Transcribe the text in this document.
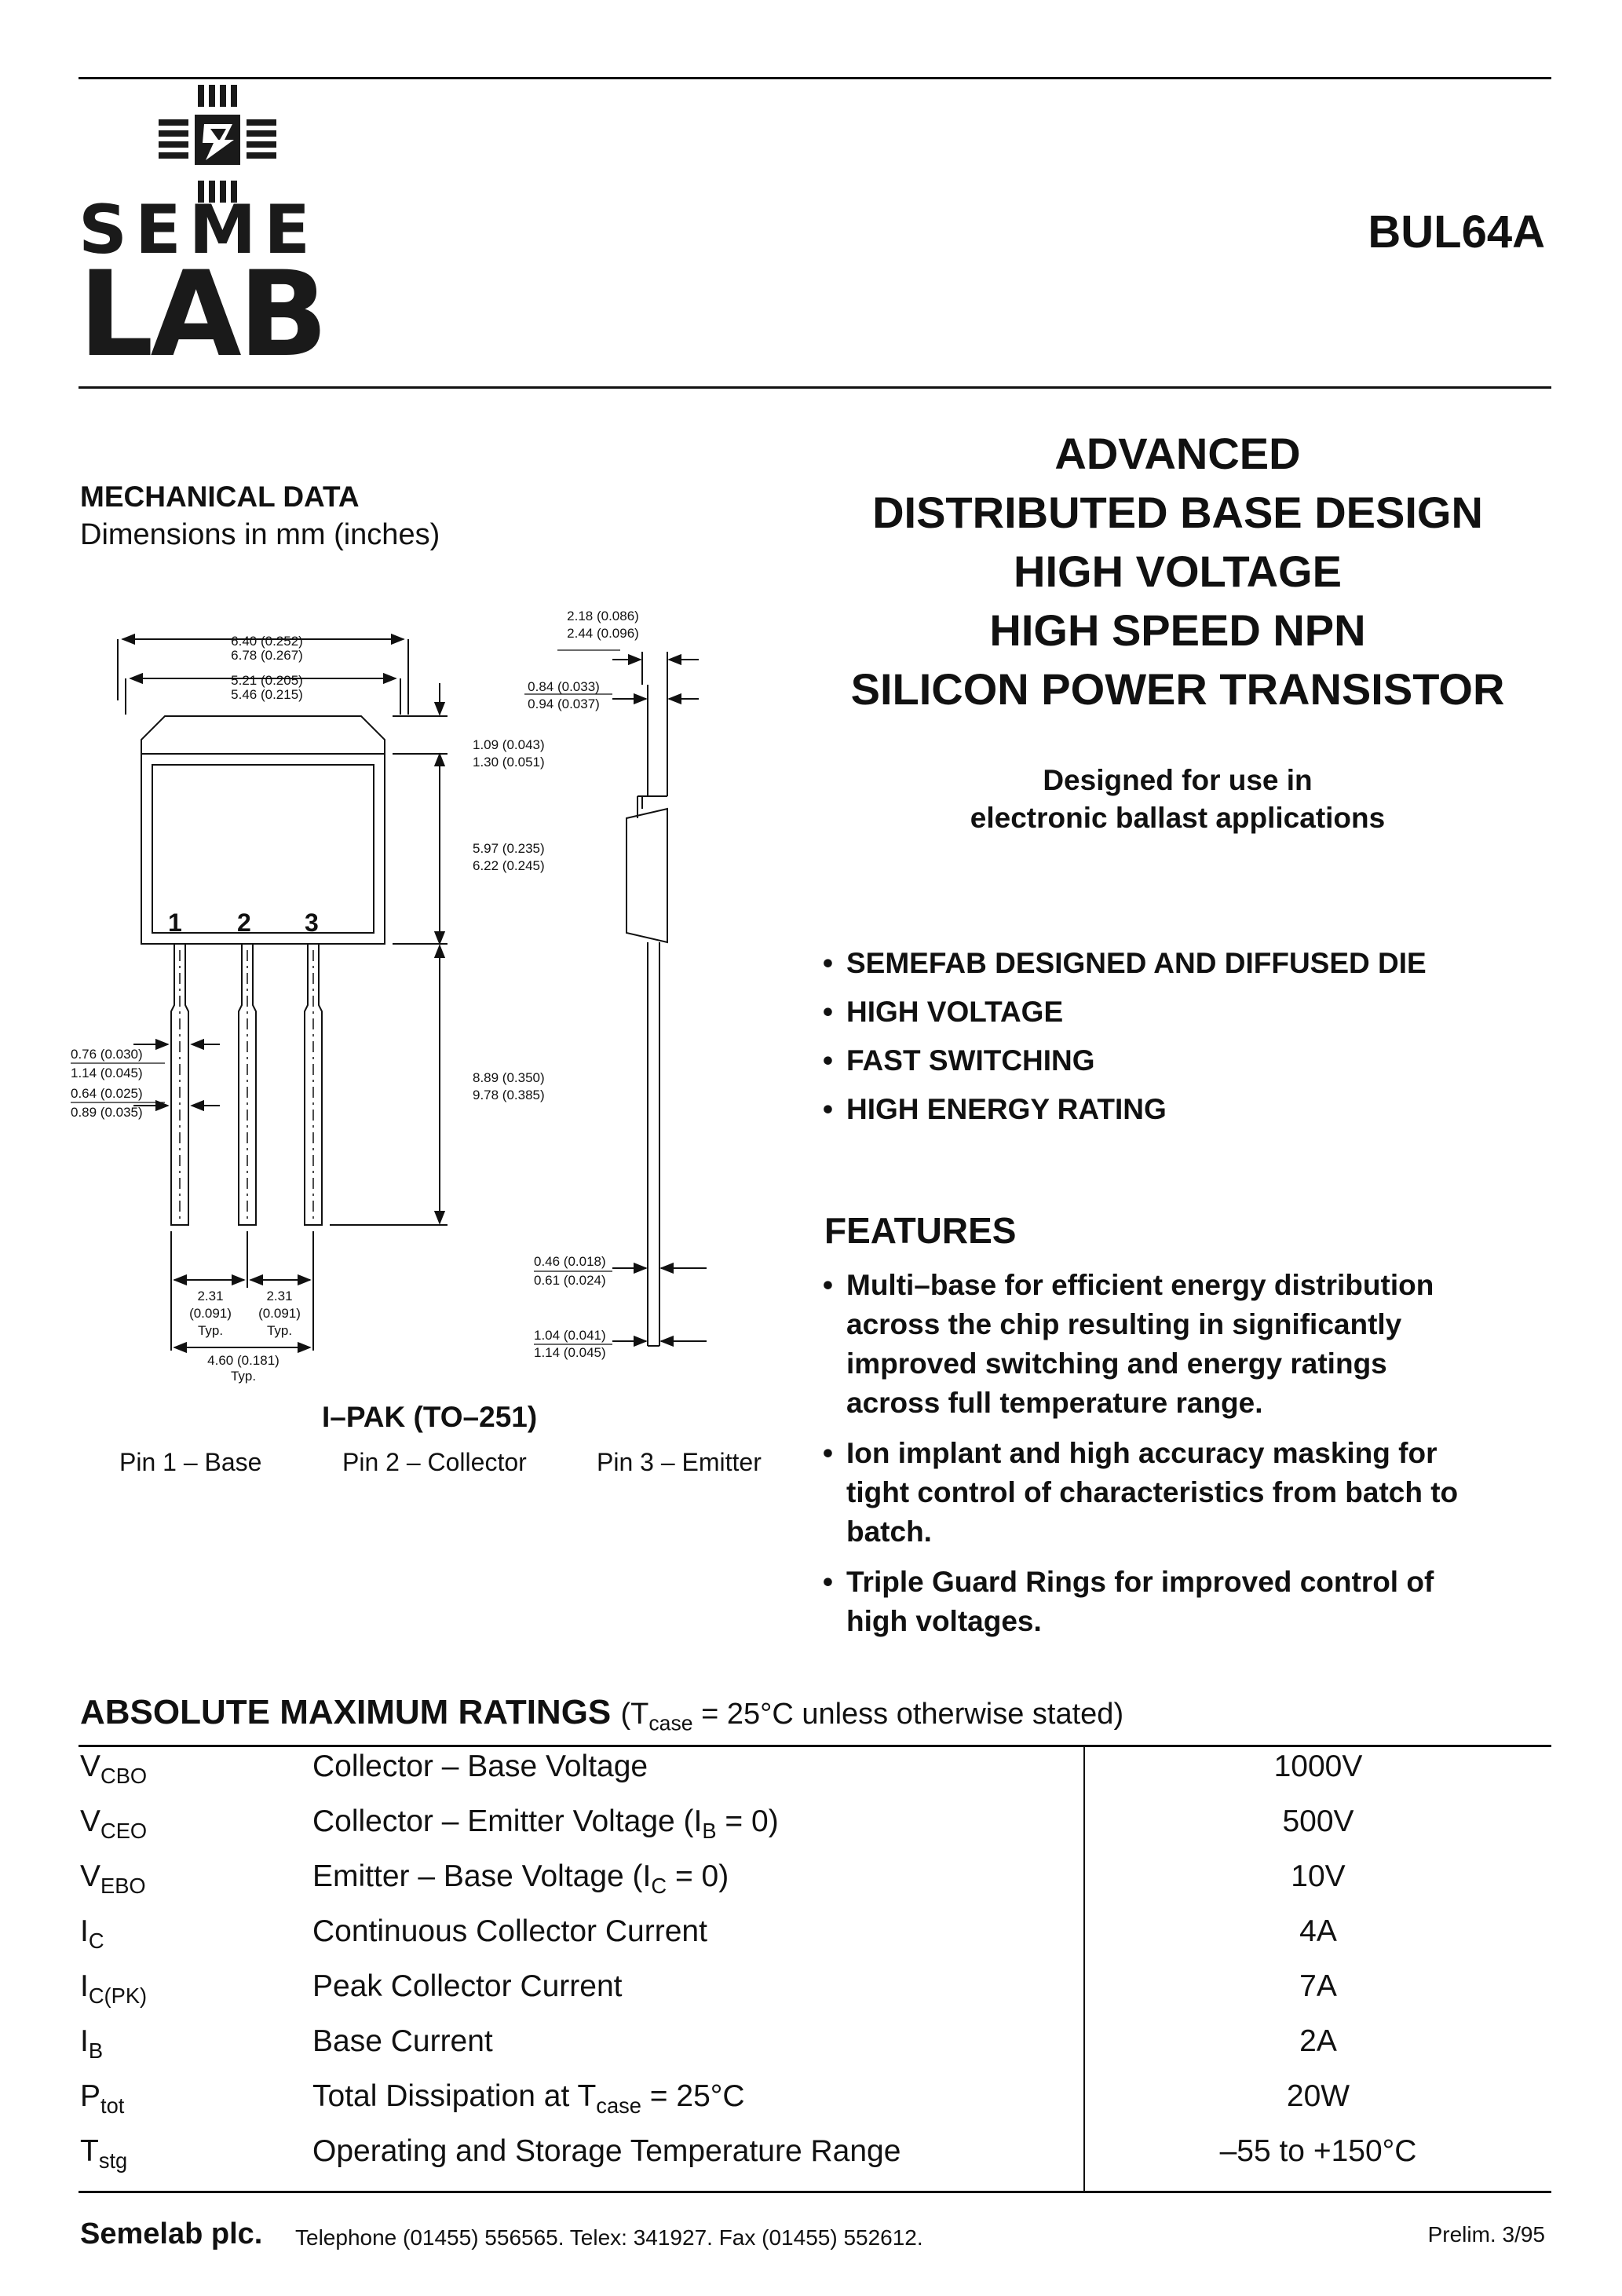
SEME
LAB
BUL64A
MECHANICAL DATA
Dimensions in mm (inches)
6.40 (0.252)
6.78 (0.267)
5.21 (0.205)
5.46 (0.215)
2.18 (0.086)
2.44 (0.096)
0.84 (0.033)
0.94 (0.037)
1.09 (0.043)
1.30 (0.051)
5.97 (0.235)
6.22 (0.245)
8.89 (0.350)
9.78 (0.385)
0.76 (0.030)
1.14 (0.045)
0.64 (0.025)
0.89 (0.035)
2.31
(0.091)
Typ.
2.31
(0.091)
Typ.
4.60 (0.181)
Typ.
0.46 (0.018)
0.61 (0.024)
1.04 (0.041)
1.14 (0.045)
1 2 3
I–PAK (TO–251)
Pin 1 – Base	Pin 2 – Collector	Pin 3 – Emitter
ADVANCED
DISTRIBUTED BASE DESIGN
HIGH VOLTAGE
HIGH SPEED NPN
SILICON POWER TRANSISTOR
Designed for use in
electronic ballast applications
• SEMEFAB DESIGNED AND DIFFUSED DIE
• HIGH VOLTAGE
• FAST SWITCHING
• HIGH ENERGY RATING
FEATURES
• Multi–base for efficient energy distribution
across the chip resulting in significantly
improved switching and energy ratings
across full temperature range.
• Ion implant and high accuracy masking for
tight control of characteristics from batch to
batch.
• Triple Guard Rings for improved control of
high voltages.
ABSOLUTE MAXIMUM RATINGS ($T_{case} = 25^\circ C$ unless otherwise stated)
$V_{CBO}$	Collector – Base Voltage	1000V
$V_{CEO}$	Collector – Emitter Voltage $(I_B = 0)$	500V
$V_{EBO}$	Emitter – Base Voltage $(I_C = 0)$	10V
$I_C$	Continuous Collector Current	4A
$I_{C(PK)}$	Peak Collector Current	7A
$I_B$	Base Current	2A
$P_{tot}$	Total Dissipation at $T_{case} = 25^\circ C$	20W
$T_{stg}$	Operating and Storage Temperature Range	–55 to +150°C
Semelab plc. Telephone (01455) 556565. Telex: 341927. Fax (01455) 552612.	Prelim. 3/95
